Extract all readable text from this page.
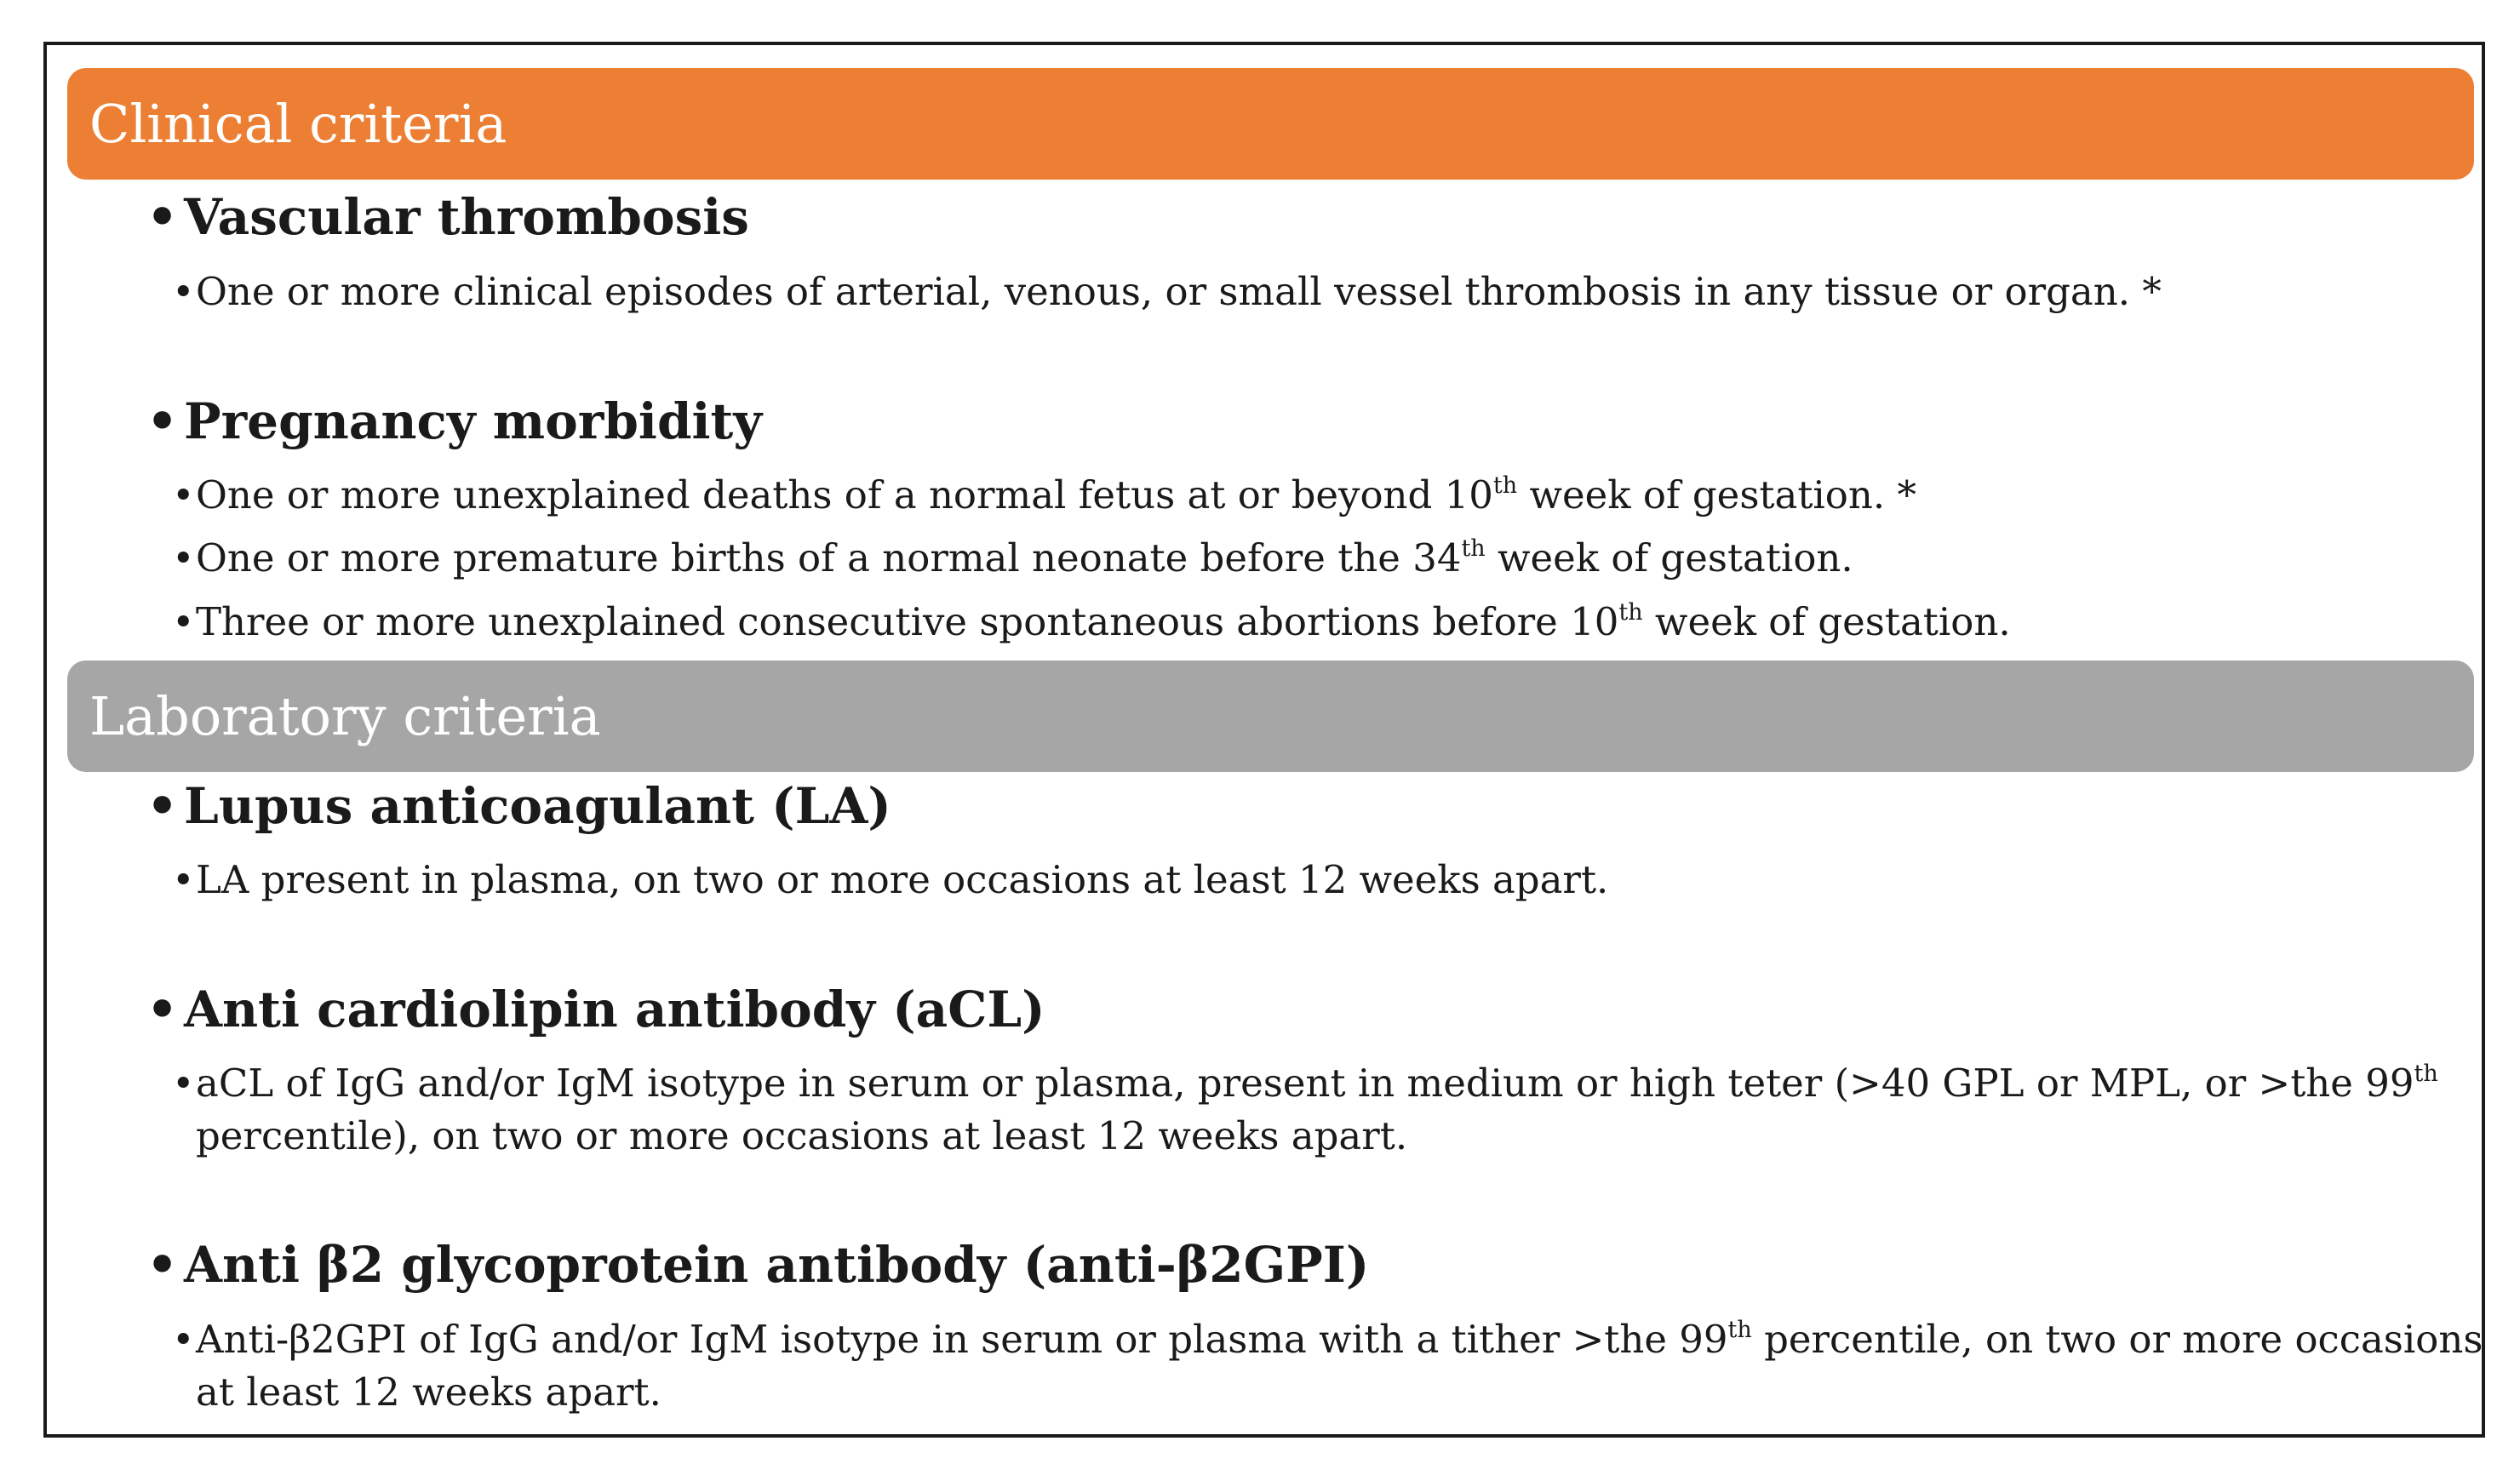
Clinical criteria
• Vascular thrombosis
•One or more clinical episodes of arterial, venous, or small vessel thrombosis in any tissue or organ. *
• Pregnancy morbidity
•One or more unexplained deaths of a normal fetus at or beyond 10th week of gestation. *
•One or more premature births of a normal neonate before the 34th week of gestation.
•Three or more unexplained consecutive spontaneous abortions before 10th week of gestation.
Laboratory criteria
• Lupus anticoagulant (LA)
•LA present in plasma, on two or more occasions at least 12 weeks apart.
• Anti cardiolipin antibody (aCL)
•aCL of IgG and/or IgM isotype in serum or plasma, present in medium or high teter (>40 GPL or MPL, or >the 99th
percentile), on two or more occasions at least 12 weeks apart.
• Anti β2 glycoprotein antibody (anti-β2GPI)
•Anti-β2GPI of IgG and/or IgM isotype in serum or plasma with a tither >the 99th percentile, on two or more occasions
at least 12 weeks apart.
